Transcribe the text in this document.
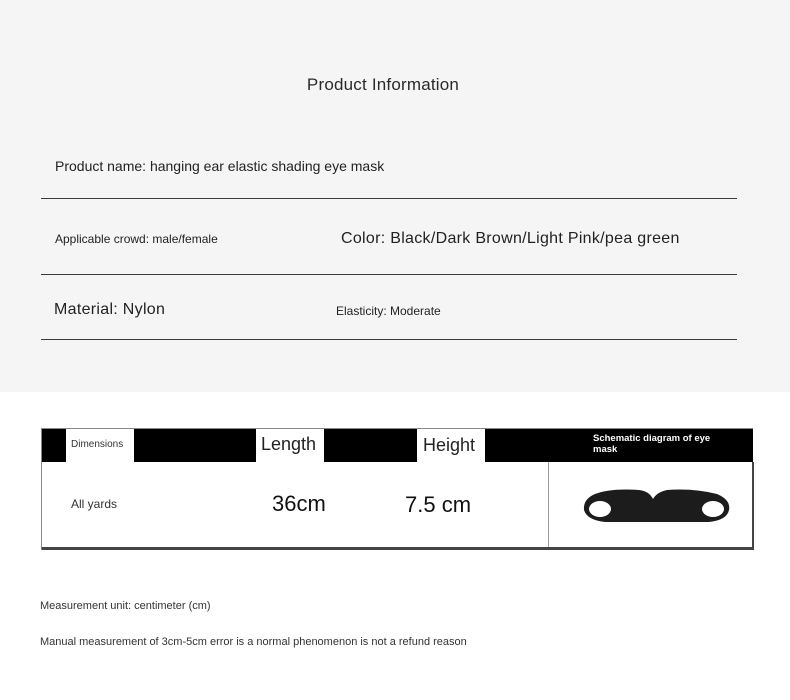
Product Information
Product name: hanging ear elastic shading eye mask
Applicable crowd: male/female	Color: Black/Dark Brown/Light Pink/pea green
Material: Nylon	Elasticity: Moderate
Dimensions	Length	Height	Schematic diagram of eye mask
All yards	36cm	7.5 cm
Measurement unit: centimeter (cm)
Manual measurement of 3cm-5cm error is a normal phenomenon is not a refund reason
